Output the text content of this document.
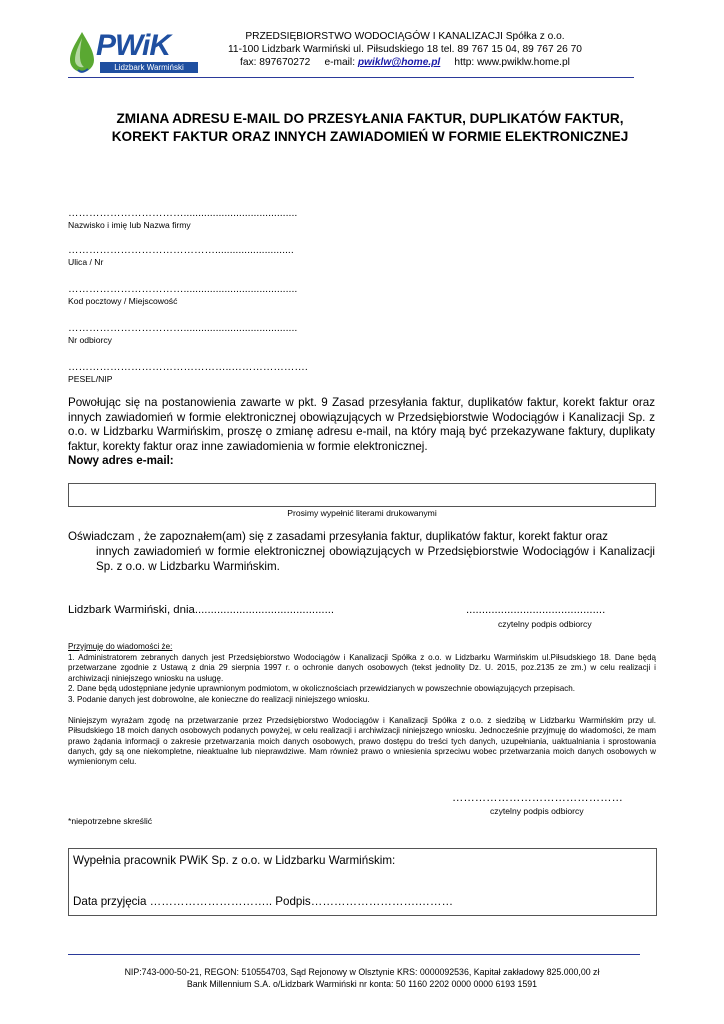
PWiK
Lidzbark Warmiński
PRZEDSIĘBIORSTWO WODOCIĄGÓW I KANALIZACJI Spółka z o.o.
11-100 Lidzbark Warmiński ul. Piłsudskiego 18 tel. 89 767 15 04, 89 767 26 70
fax: 897670272 e-mail: pwiklw@home.pl http: www.pwiklw.home.pl
ZMIANA ADRESU E-MAIL DO PRZESYŁANIA FAKTUR, DUPLIKATÓW FAKTUR, KOREKT FAKTUR ORAZ INNYCH ZAWIADOMIEŃ W FORMIE ELEKTRONICZNEJ
…………………………….......................................
Nazwisko i imię lub Nazwa firmy
……………………………………...........................
Ulica / Nr
…………………………….......................................
Kod pocztowy / Miejscowość
…………………………….......................................
Nr odbiorcy
………………………………………..………………….
PESEL/NIP
Powołując się na postanowienia zawarte w pkt. 9 Zasad przesyłania faktur, duplikatów faktur, korekt faktur oraz innych zawiadomień w formie elektronicznej obowiązujących w Przedsiębiorstwie Wodociągów i Kanalizacji Sp. z o.o. w Lidzbarku Warmińskim, proszę o zmianę adresu e-mail, na który mają być przekazywane faktury, duplikaty faktur, korekty faktur oraz inne zawiadomienia w formie elektronicznej.
Nowy adres e-mail:
Prosimy wypełnić literami drukowanymi
Oświadczam , że zapoznałem(am) się z zasadami przesyłania faktur, duplikatów faktur, korekt faktur oraz
innych zawiadomień w formie elektronicznej obowiązujących w Przedsiębiorstwie Wodociągów i Kanalizacji Sp. z o.o. w Lidzbarku Warmińskim.
Lidzbark Warmiński, dnia............................................	............................................
czytelny podpis odbiorcy
Przyjmuję do wiadomości że:
1. Administratorem zebranych danych jest Przedsiębiorstwo Wodociągów i Kanalizacji Spółka z o.o. w Lidzbarku Warmińskim ul.Piłsudskiego 18. Dane będą przetwarzane zgodnie z Ustawą z dnia 29 sierpnia 1997 r. o ochronie danych osobowych (tekst jednolity Dz. U. 2015, poz.2135 ze zm.) w celu realizacji i archiwizacji niniejszego wniosku na usługę.
2. Dane będą udostępniane jedynie uprawnionym podmiotom, w okolicznościach przewidzianych w powszechnie obowiązujących przepisach.
3. Podanie danych jest dobrowolne, ale konieczne do realizacji niniejszego wniosku.
Niniejszym wyrażam zgodę na przetwarzanie przez Przedsiębiorstwo Wodociągów i Kanalizacji Spółka z o.o. z siedzibą w Lidzbarku Warmińskim przy ul. Piłsudskiego 18 moich danych osobowych podanych powyżej, w celu realizacji i archiwizacji niniejszego wniosku. Jednocześnie przyjmuję do wiadomości, że mam prawo żądania informacji o zakresie przetwarzania moich danych osobowych, prawo dostępu do treści tych danych, uzupełniania, uaktualniania i sprostowania danych, gdy są one niekompletne, nieaktualne lub nieprawdziwe. Mam również prawo o wniesienia sprzeciwu wobec przetwarzania moich danych osobowych w wymienionym celu.
………………………………………
czytelny podpis odbiorcy
*niepotrzebne skreślić
Wypełnia pracownik PWiK Sp. z o.o. w Lidzbarku Warmińskim:
Data przyjęcia ………………………….. Podpis……………………….………
NIP:743-000-50-21, REGON: 510554703, Sąd Rejonowy w Olsztynie KRS: 0000092536, Kapitał zakładowy 825.000,00 zł
Bank Millennium S.A. o/Lidzbark Warmiński nr konta: 50 1160 2202 0000 0000 6193 1591
